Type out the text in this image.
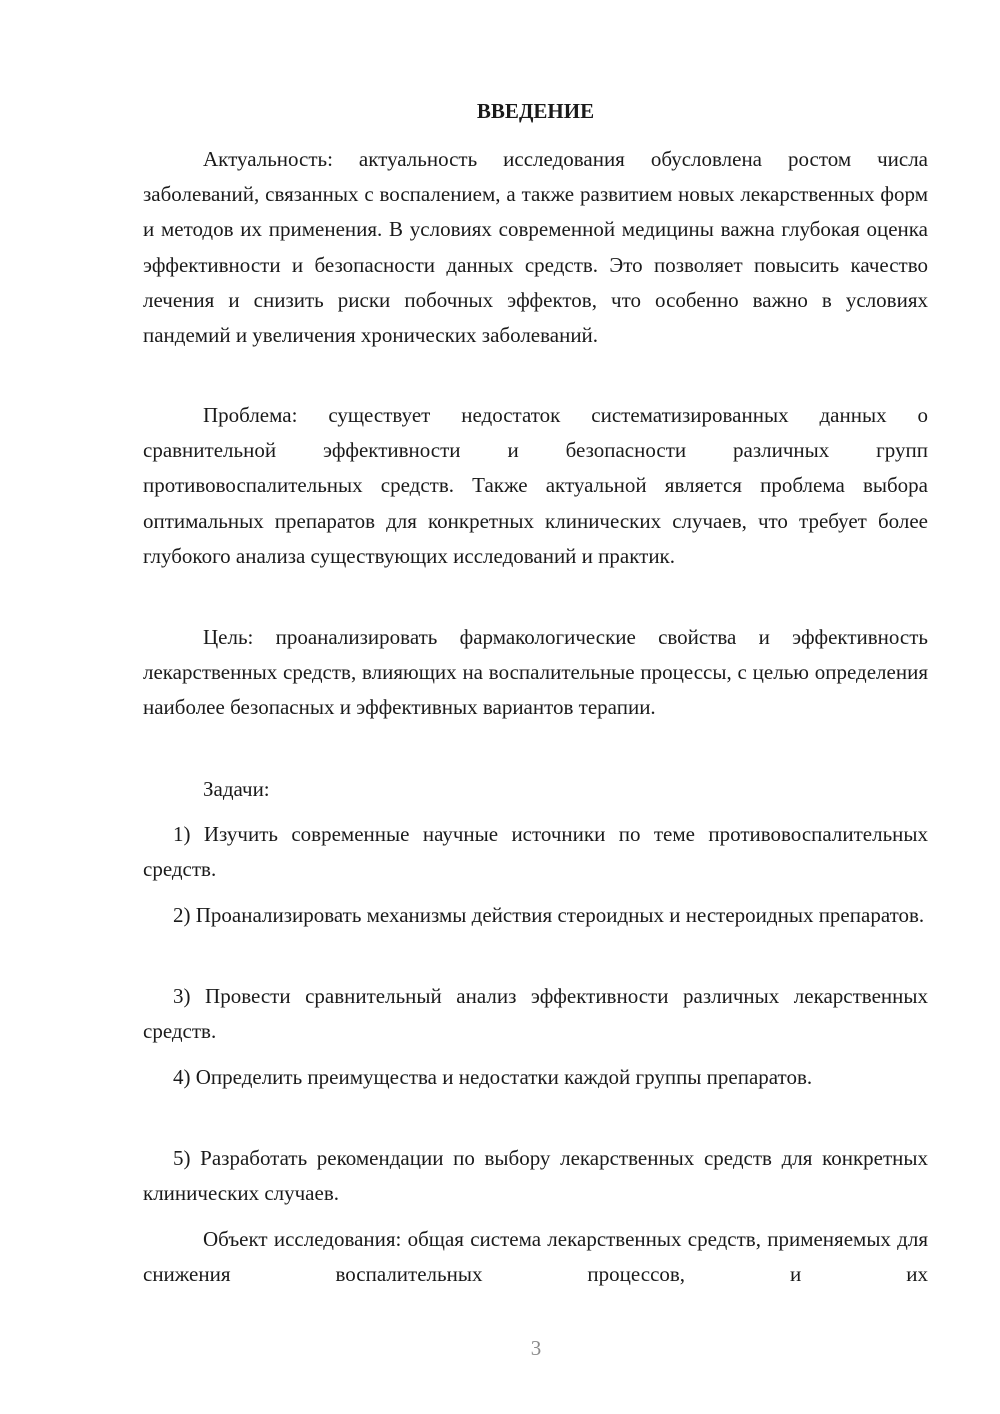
ВВЕДЕНИЕ

Актуальность: актуальность исследования обусловлена ростом числа заболеваний, связанных с воспалением, а также развитием новых лекарственных форм и методов их применения. В условиях современной медицины важна глубокая оценка эффективности и безопасности данных средств. Это позволяет повысить качество лечения и снизить риски побочных эффектов, что особенно важно в условиях пандемий и увеличения хронических заболеваний.

Проблема: существует недостаток систематизированных данных о сравнительной эффективности и безопасности различных групп противовоспалительных средств. Также актуальной является проблема выбора оптимальных препаратов для конкретных клинических случаев, что требует более глубокого анализа существующих исследований и практик.

Цель: проанализировать фармакологические свойства и эффективность лекарственных средств, влияющих на воспалительные процессы, с целью определения наиболее безопасных и эффективных вариантов терапии.

Задачи:

1) Изучить современные научные источники по теме противовоспалительных средств.

2) Проанализировать механизмы действия стероидных и нестероидных препаратов.

3) Провести сравнительный анализ эффективности различных лекарственных средств.

4) Определить преимущества и недостатки каждой группы препаратов.

5) Разработать рекомендации по выбору лекарственных средств для конкретных клинических случаев.

Объект исследования: общая система лекарственных средств, применяемых для снижения воспалительных процессов, и их

3
